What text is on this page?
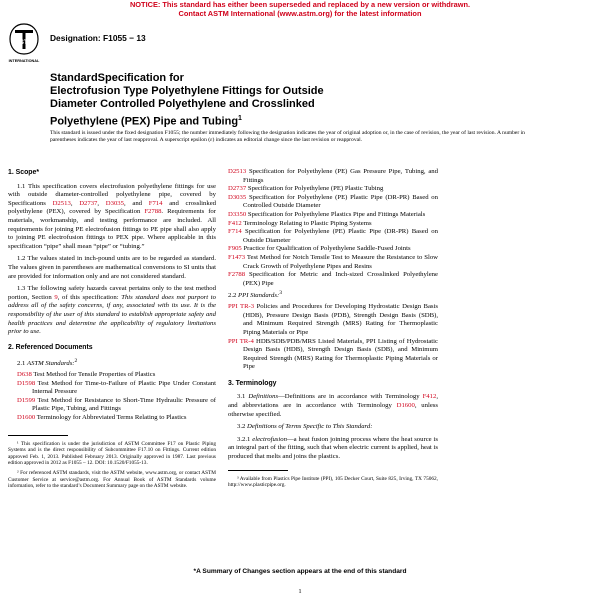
NOTICE: This standard has either been superseded and replaced by a new version or withdrawn.
Contact ASTM International (www.astm.org) for the latest information
ASTM
INTERNATIONAL
Designation: F1055 − 13
StandardSpecification for
Electrofusion Type Polyethylene Fittings for Outside
Diameter Controlled Polyethylene and Crosslinked
Polyethylene (PEX) Pipe and Tubing$^1$
This standard is issued under the fixed designation F1055; the number immediately following the designation indicates the year of original adoption or, in the case of revision, the year of last revision. A number in parentheses indicates the year of last reapproval. A superscript epsilon (ε) indicates an editorial change since the last revision or reapproval.
1. Scope*

1.1 This specification covers electrofusion polyethylene fittings for use with outside diameter-controlled polyethylene pipe, covered by Specifications D2513, D2737, D3035, and F714 and crosslinked polyethylene (PEX), covered by Specification F2788. Requirements for materials, workmanship, and testing performance are included. All requirements for joining PE electrofusion fittings to PE pipe shall also apply to joining PE electrofusion fittings to PEX pipe. Where applicable in this specification “pipe” shall mean “pipe” or “tubing.”

1.2 The values stated in inch-pound units are to be regarded as standard. The values given in parentheses are mathematical conversions to SI units that are provided for information only and are not considered standard.

1.3 The following safety hazards caveat pertains only to the test method portion, Section 9, of this specification: This standard does not purport to address all of the safety concerns, if any, associated with its use. It is the responsibility of the user of this standard to establish appropriate safety and health practices and determine the applicability of regulatory limitations prior to use.

2. Referenced Documents
2.1 ASTM Standards:$^2$
D638 Test Method for Tensile Properties of Plastics
D1598 Test Method for Time-to-Failure of Plastic Pipe Under Constant Internal Pressure
D1599 Test Method for Resistance to Short-Time Hydraulic Pressure of Plastic Pipe, Tubing, and Fittings
D1600 Terminology for Abbreviated Terms Relating to Plastics

¹ This specification is under the jurisdiction of ASTM Committee F17 on Plastic Piping Systems and is the direct responsibility of Subcommittee F17.10 on Fittings. Current edition approved Feb. 1, 2013. Published February 2013. Originally approved in 1987. Last previous edition approved in 2012 as F1055 – 12. DOI: 10.1520/F1055-13.

² For referenced ASTM standards, visit the ASTM website, www.astm.org, or contact ASTM Customer Service at service@astm.org. For Annual Book of ASTM Standards volume information, refer to the standard’s Document Summary page on the ASTM website.

D2513 Specification for Polyethylene (PE) Gas Pressure Pipe, Tubing, and Fittings
D2737 Specification for Polyethylene (PE) Plastic Tubing
D3035 Specification for Polyethylene (PE) Plastic Pipe (DR-PR) Based on Controlled Outside Diameter
D3350 Specification for Polyethylene Plastics Pipe and Fittings Materials
F412 Terminology Relating to Plastic Piping Systems
F714 Specification for Polyethylene (PE) Plastic Pipe (DR-PR) Based on Outside Diameter
F905 Practice for Qualification of Polyethylene Saddle-Fused Joints
F1473 Test Method for Notch Tensile Test to Measure the Resistance to Slow Crack Growth of Polyethylene Pipes and Resins
F2788 Specification for Metric and Inch-sized Crosslinked Polyethylene (PEX) Pipe
2.2 PPI Standards:$^3$
PPI TR-3 Policies and Procedures for Developing Hydrostatic Design Basis (HDB), Pressure Design Basis (PDB), Strength Design Basis (SDB), and Minimum Required Strength (MRS) Rating for Thermoplastic Piping Materials or Pipe
PPI TR-4 HDB/SDB/PDB/MRS Listed Materials, PPI Listing of Hydrostatic Design Basis (HDB), Strength Design Basis (SDB), and Minimum Required Strength (MRS) Rating for Thermoplastic Piping Materials or Pipe
3. Terminology

3.1 Definitions—Definitions are in accordance with Terminology F412, and abbreviations are in accordance with Terminology D1600, unless otherwise specified.

3.2 Definitions of Terms Specific to This Standard:

3.2.1 electrofusion—a heat fusion joining process where the heat source is an integral part of the fitting, such that when electric current is applied, heat is produced that melts and joins the plastics.

³ Available from Plastics Pipe Institute (PPI), 105 Decker Court, Suite 825, Irving, TX 75062, http://www.plasticpipe.org.

*A Summary of Changes section appears at the end of this standard
1
